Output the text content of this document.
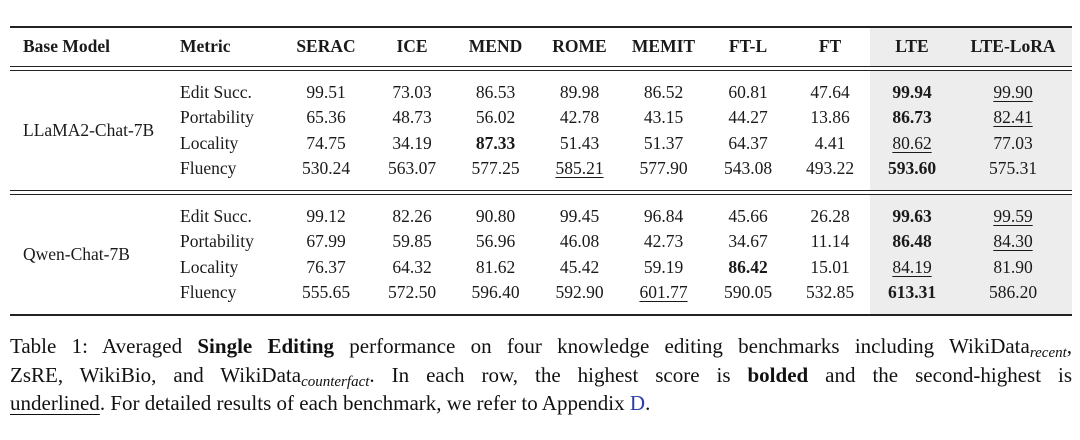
Base Model	Metric	SERAC	ICE	MEND	ROME	MEMIT	FT-L	FT	LTE	LTE-LoRA

LLaMA2-Chat-7B	Edit Succ.	99.51	73.03	86.53	89.98	86.52	60.81	47.64	99.94	99.90
	Portability	65.36	48.73	56.02	42.78	43.15	44.27	13.86	86.73	82.41
	Locality	74.75	34.19	87.33	51.43	51.37	64.37	4.41	80.62	77.03
	Fluency	530.24	563.07	577.25	585.21	577.90	543.08	493.22	593.60	575.31

Qwen-Chat-7B	Edit Succ.	99.12	82.26	90.80	99.45	96.84	45.66	26.28	99.63	99.59
	Portability	67.99	59.85	56.96	46.08	42.73	34.67	11.14	86.48	84.30
	Locality	76.37	64.32	81.62	45.42	59.19	86.42	15.01	84.19	81.90
	Fluency	555.65	572.50	596.40	592.90	601.77	590.05	532.85	613.31	586.20

Table 1: Averaged Single Editing performance on four knowledge editing benchmarks including WikiData$_{recent}$,
ZsRE, WikiBio, and WikiData$_{counterfact}$. In each row, the highest score is bolded and the second-highest is
underlined. For detailed results of each benchmark, we refer to Appendix D.
